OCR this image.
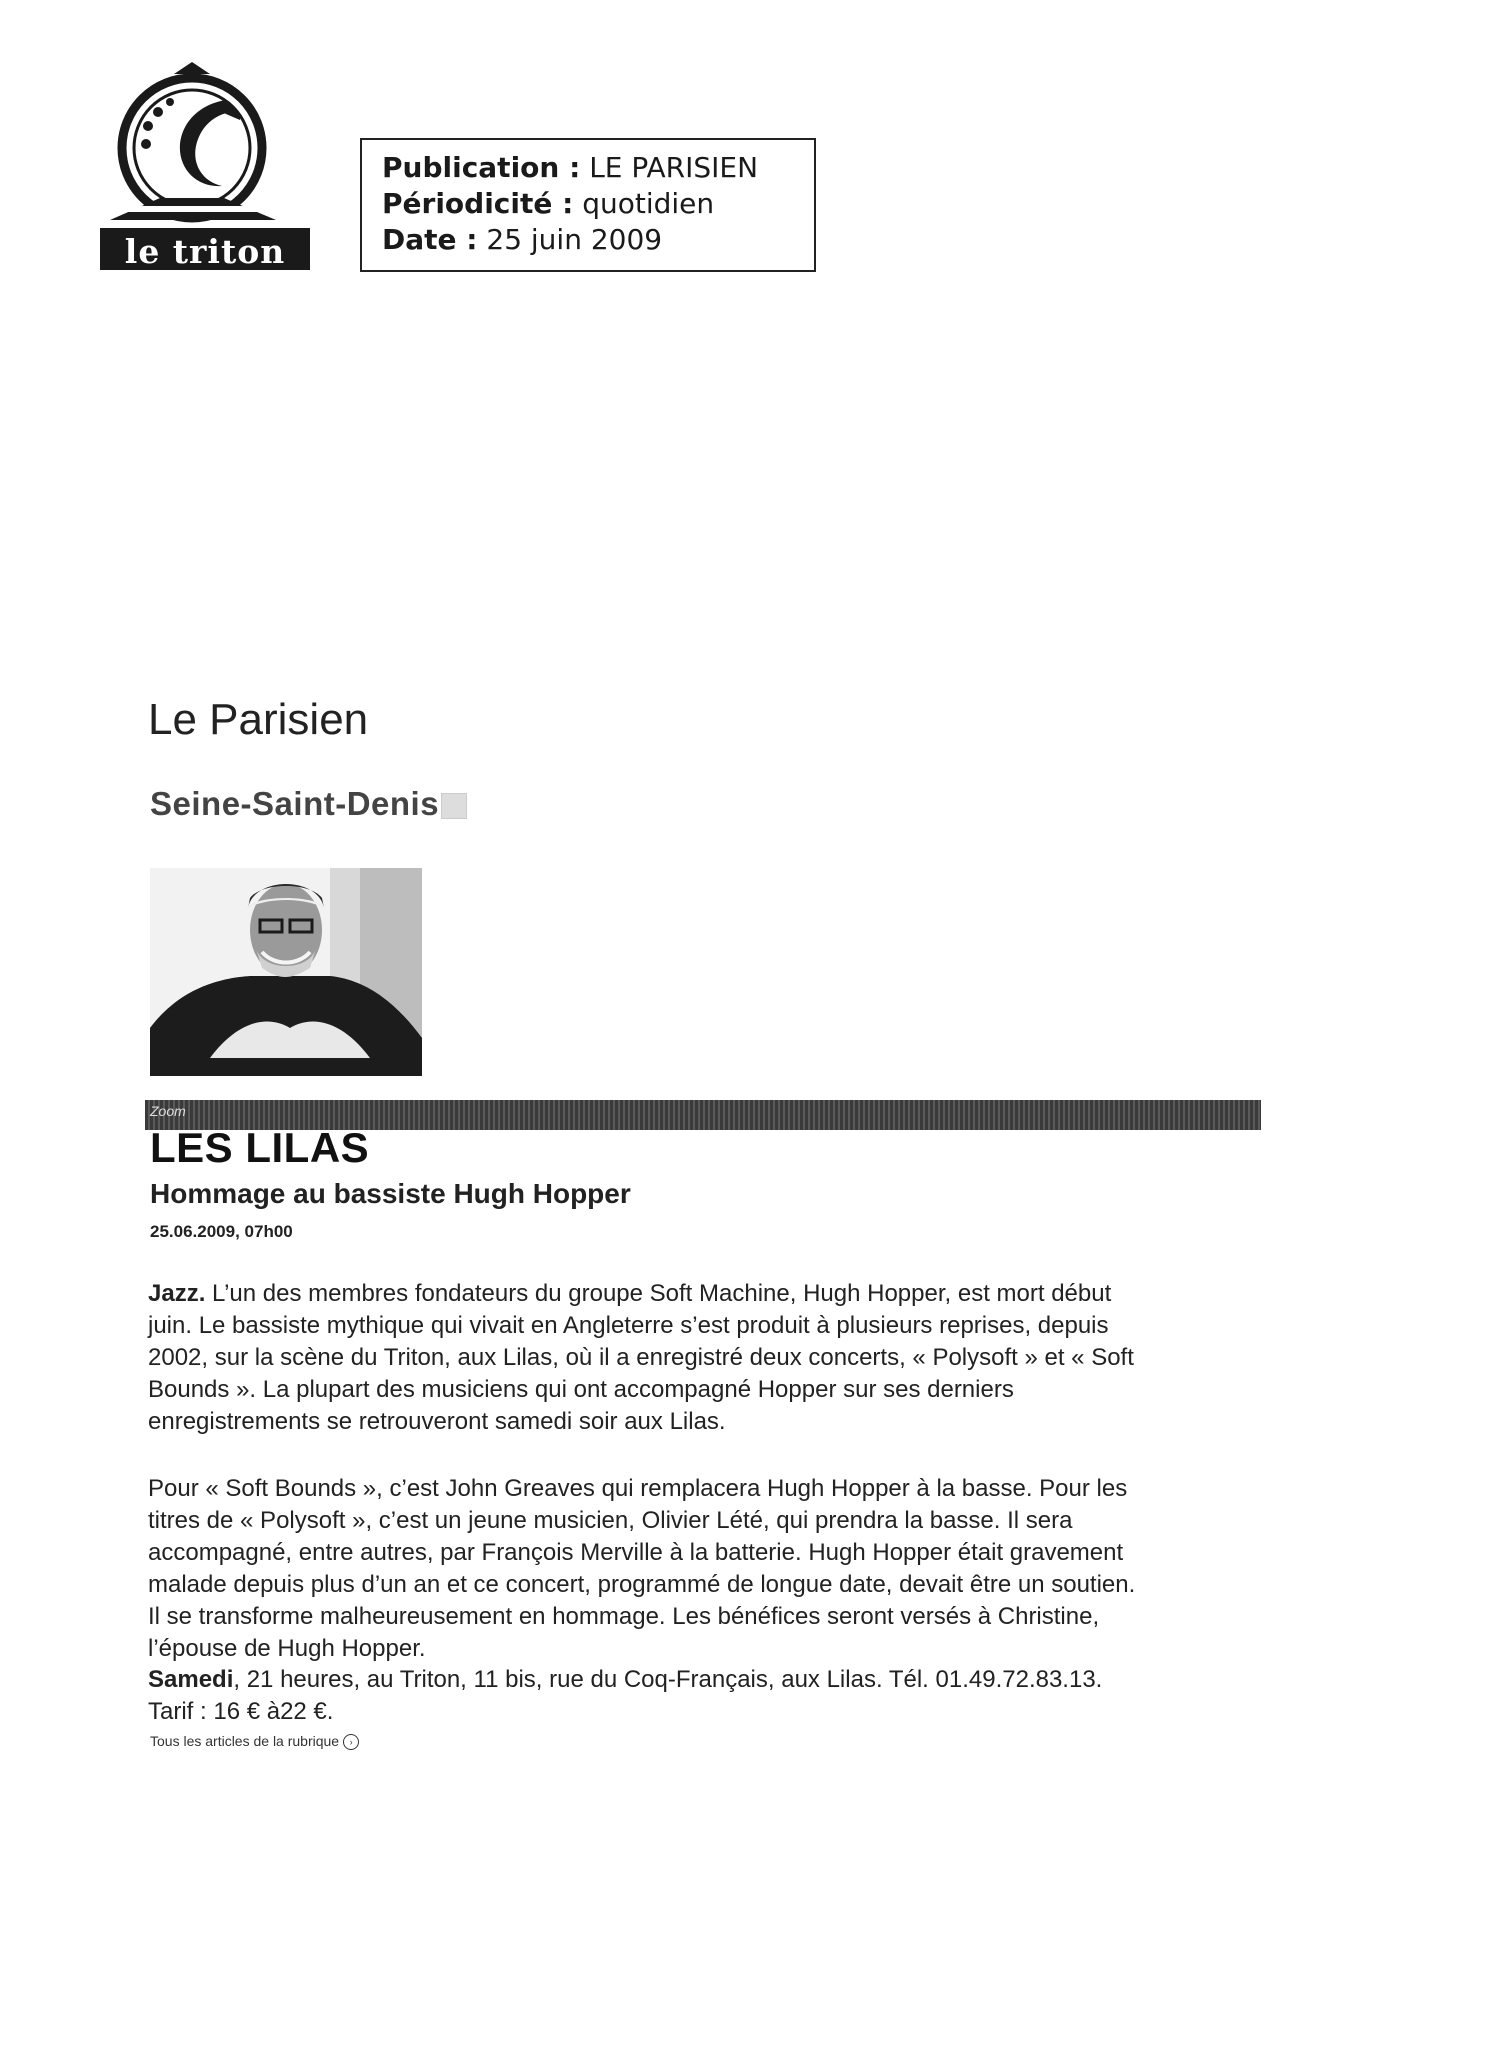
le triton
Publication : LE PARISIEN
Périodicité : quotidien
Date : 25 juin 2009
Le Parisien
Seine-Saint-Denis
Zoom
LES LILAS
Hommage au bassiste Hugh Hopper
25.06.2009, 07h00
Jazz. L’un des membres fondateurs du groupe Soft Machine, Hugh Hopper, est mort début
juin. Le bassiste mythique qui vivait en Angleterre s’est produit à plusieurs reprises, depuis
2002, sur la scène du Triton, aux Lilas, où il a enregistré deux concerts, « Polysoft » et « Soft
Bounds ». La plupart des musiciens qui ont accompagné Hopper sur ses derniers
enregistrements se retrouveront samedi soir aux Lilas.
Pour « Soft Bounds », c’est John Greaves qui remplacera Hugh Hopper à la basse. Pour les
titres de « Polysoft », c’est un jeune musicien, Olivier Lété, qui prendra la basse. Il sera
accompagné, entre autres, par François Merville à la batterie. Hugh Hopper était gravement
malade depuis plus d’un an et ce concert, programmé de longue date, devait être un soutien.
Il se transforme malheureusement en hommage. Les bénéfices seront versés à Christine,
l’épouse de Hugh Hopper.
Samedi, 21 heures, au Triton, 11 bis, rue du Coq-Français, aux Lilas. Tél. 01.49.72.83.13.
Tarif : 16 € à22 €.
Tous les articles de la rubrique ›
